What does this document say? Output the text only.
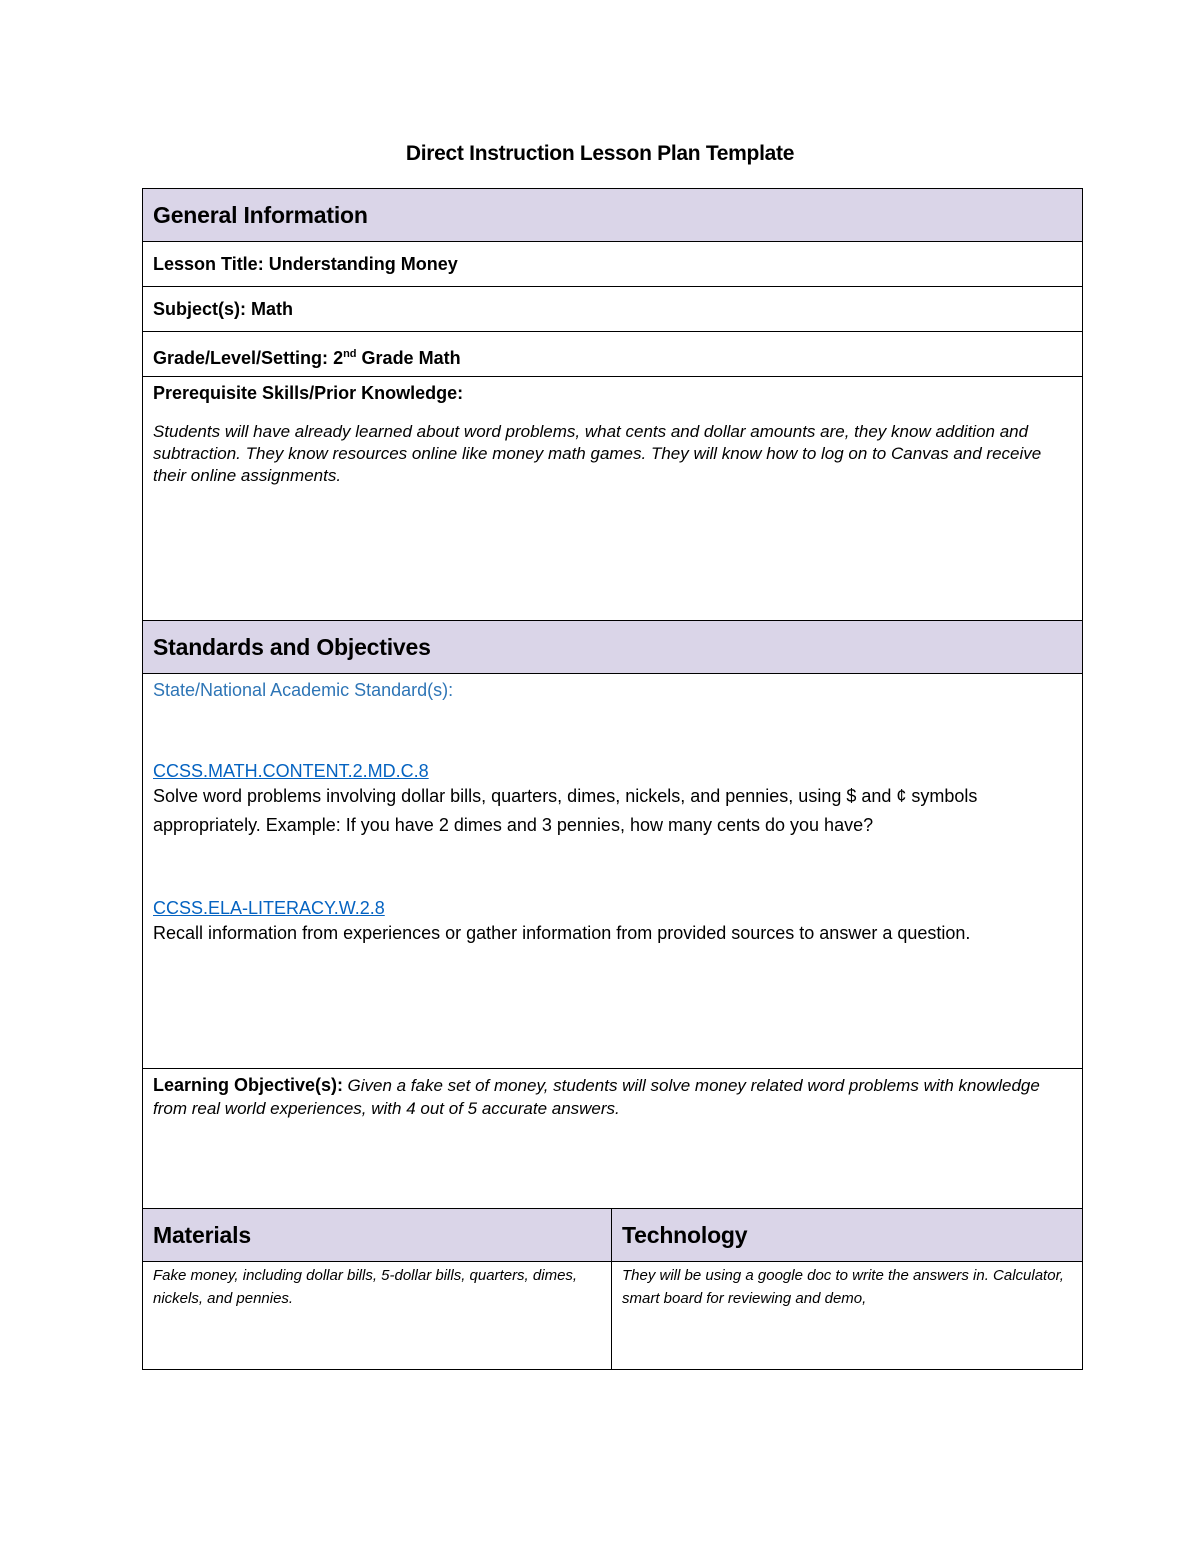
Direct Instruction Lesson Plan Template
General Information	

Lesson Title: Understanding Money	

Subject(s): Math	

Grade/Level/Setting: 2nd Grade Math	

Prerequisite Skills/Prior Knowledge:
Students will have already learned about word problems, what cents and dollar amounts are, they know addition and subtraction. They know resources online like money math games. They will know how to log on to Canvas and receive their online assignments.	

Standards and Objectives	

State/National Academic Standard(s):
CCSS.MATH.CONTENT.2.MD.C.8
Solve word problems involving dollar bills, quarters, dimes, nickels, and pennies, using $ and ¢ symbols appropriately. Example: If you have 2 dimes and 3 pennies, how many cents do you have?
CCSS.ELA-LITERACY.W.2.8
Recall information from experiences or gather information from provided sources to answer a question.	

Learning Objective(s): Given a fake set of money, students will solve money related word problems with knowledge from real world experiences, with 4 out of 5 accurate answers.	

Materials	Technology

Fake money, including dollar bills, 5-dollar bills, quarters, dimes, nickels, and pennies.	They will be using a google doc to write the answers in. Calculator, smart board for reviewing and demo,
